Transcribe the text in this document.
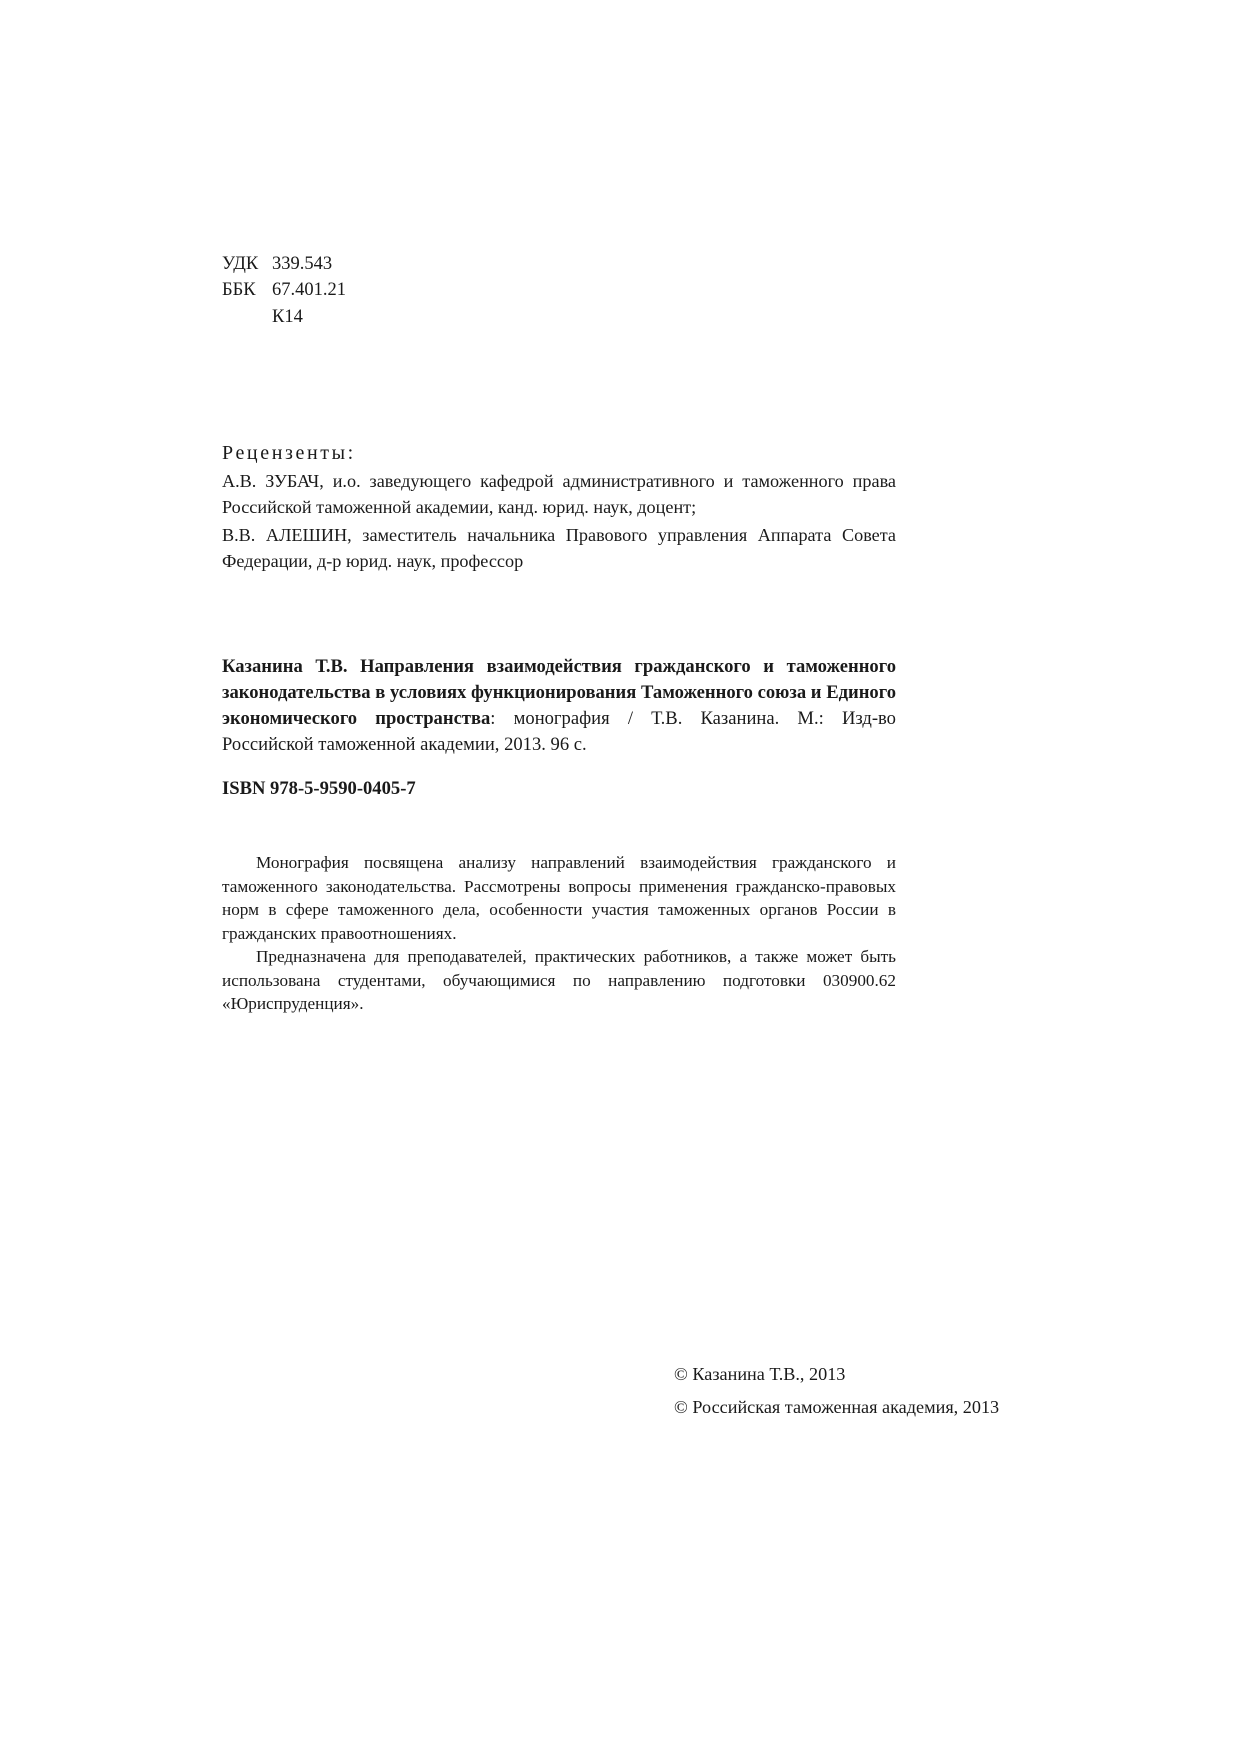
УДК 339.543
ББК 67.401.21
К14
Рецензенты:
А.В. ЗУБАЧ, и.о. заведующего кафедрой административного и таможенного права Российской таможенной академии, канд. юрид. наук, доцент;
В.В. АЛЕШИН, заместитель начальника Правового управления Аппарата Совета Федерации, д-р юрид. наук, профессор
Казанина Т.В. Направления взаимодействия гражданского и таможенного законодательства в условиях функционирования Таможенного союза и Единого экономического пространства: монография / Т.В. Казанина. М.: Изд-во Российской таможенной академии, 2013. 96 с.
ISBN 978-5-9590-0405-7
Монография посвящена анализу направлений взаимодействия гражданского и таможенного законодательства. Рассмотрены вопросы применения гражданско-правовых норм в сфере таможенного дела, особенности участия таможенных органов России в гражданских правоотношениях.
Предназначена для преподавателей, практических работников, а также может быть использована студентами, обучающимися по направлению подготовки 030900.62 «Юриспруденция».
© Казанина Т.В., 2013
© Российская таможенная академия, 2013
